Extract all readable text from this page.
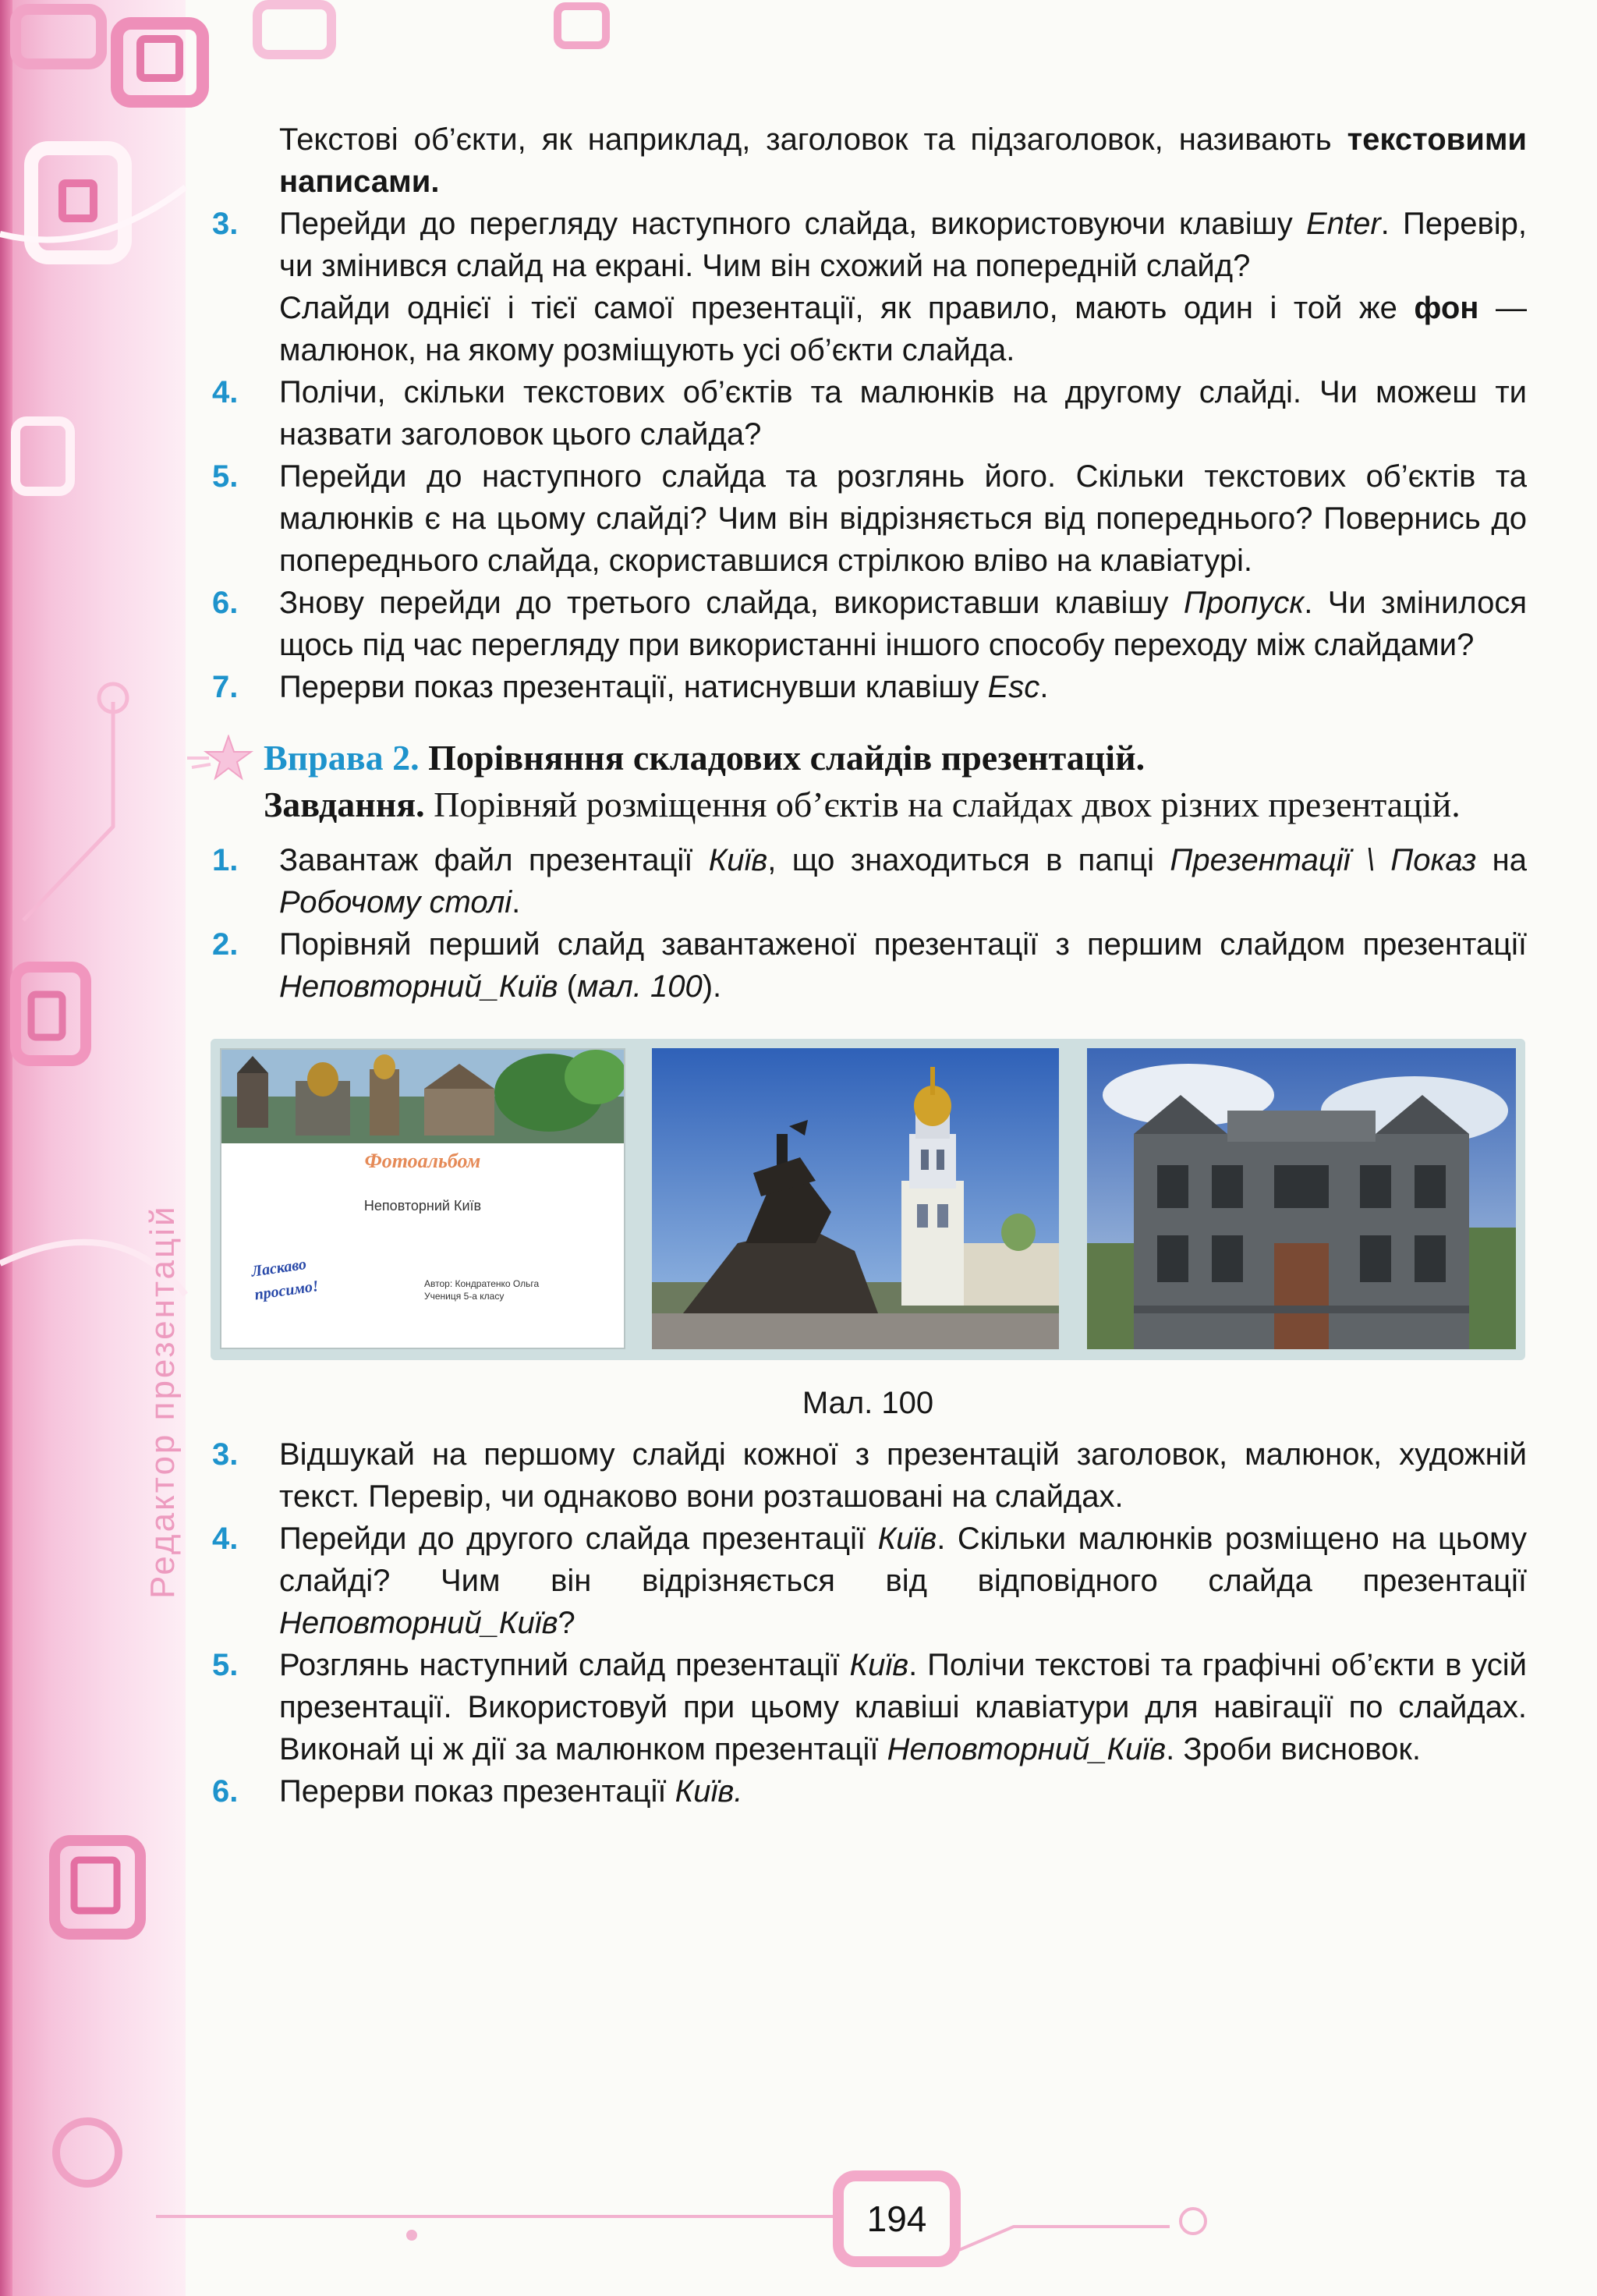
Редактор презентацій
Текстові об’єкти, як наприклад, заголовок та підзаголовок, називають текстовими написами.
3.	Перейди до перегляду наступного слайда, використовуючи клавішу Enter. Перевір, чи змінився слайд на екрані. Чим він схожий на попередній слайд?
Слайди однієї і тієї самої презентації, як правило, мають один і той же фон — малюнок, на якому розміщують усі об’єкти слайда.
4.	Полічи, скільки текстових об’єктів та малюнків на другому слайді. Чи можеш ти назвати заголовок цього слайда?
5.	Перейди до наступного слайда та розглянь його. Скільки текстових об’єктів та малюнків є на цьому слайді? Чим він відрізняється від попереднього? Повернись до попереднього слайда, скориставшися стрілкою вліво на клавіатурі.
6.	Знову перейди до третього слайда, використавши клавішу Пропуск. Чи змінилося щось під час перегляду при використанні іншого способу переходу між слайдами?
7.	Перерви показ презентації, натиснувши клавішу Esc.
Вправа 2. Порівняння складових слайдів презентацій.
Завдання. Порівняй розміщення об’єктів на слайдах двох різних презентацій.
1.	Завантаж файл презентації Київ, що знаходиться в папці Презентації \ Показ на Робочому столі.
2.	Порівняй перший слайд завантаженої презентації з першим слайдом презентації Неповторний_Київ (мал. 100).
Фотоальбом
Неповторний Київ
Ласкаво просимо!	Автор: Кондратенко Ольга
Учениця 5-а класу
Мал. 100
3.	Відшукай на першому слайді кожної з презентацій заголовок, малюнок, художній текст. Перевір, чи однаково вони розташовані на слайдах.
4.	Перейди до другого слайда презентації Київ. Скільки малюнків розміщено на цьому слайді? Чим він відрізняється від відповідного слайда презентації Неповторний_Київ?
5.	Розглянь наступний слайд презентації Київ. Полічи текстові та графічні об’єкти в усій презентації. Використовуй при цьому клавіші клавіатури для навігації по слайдах. Виконай ці ж дії за малюнком презентації Неповторний_Київ. Зроби висновок.
6.	Перерви показ презентації Київ.
194
